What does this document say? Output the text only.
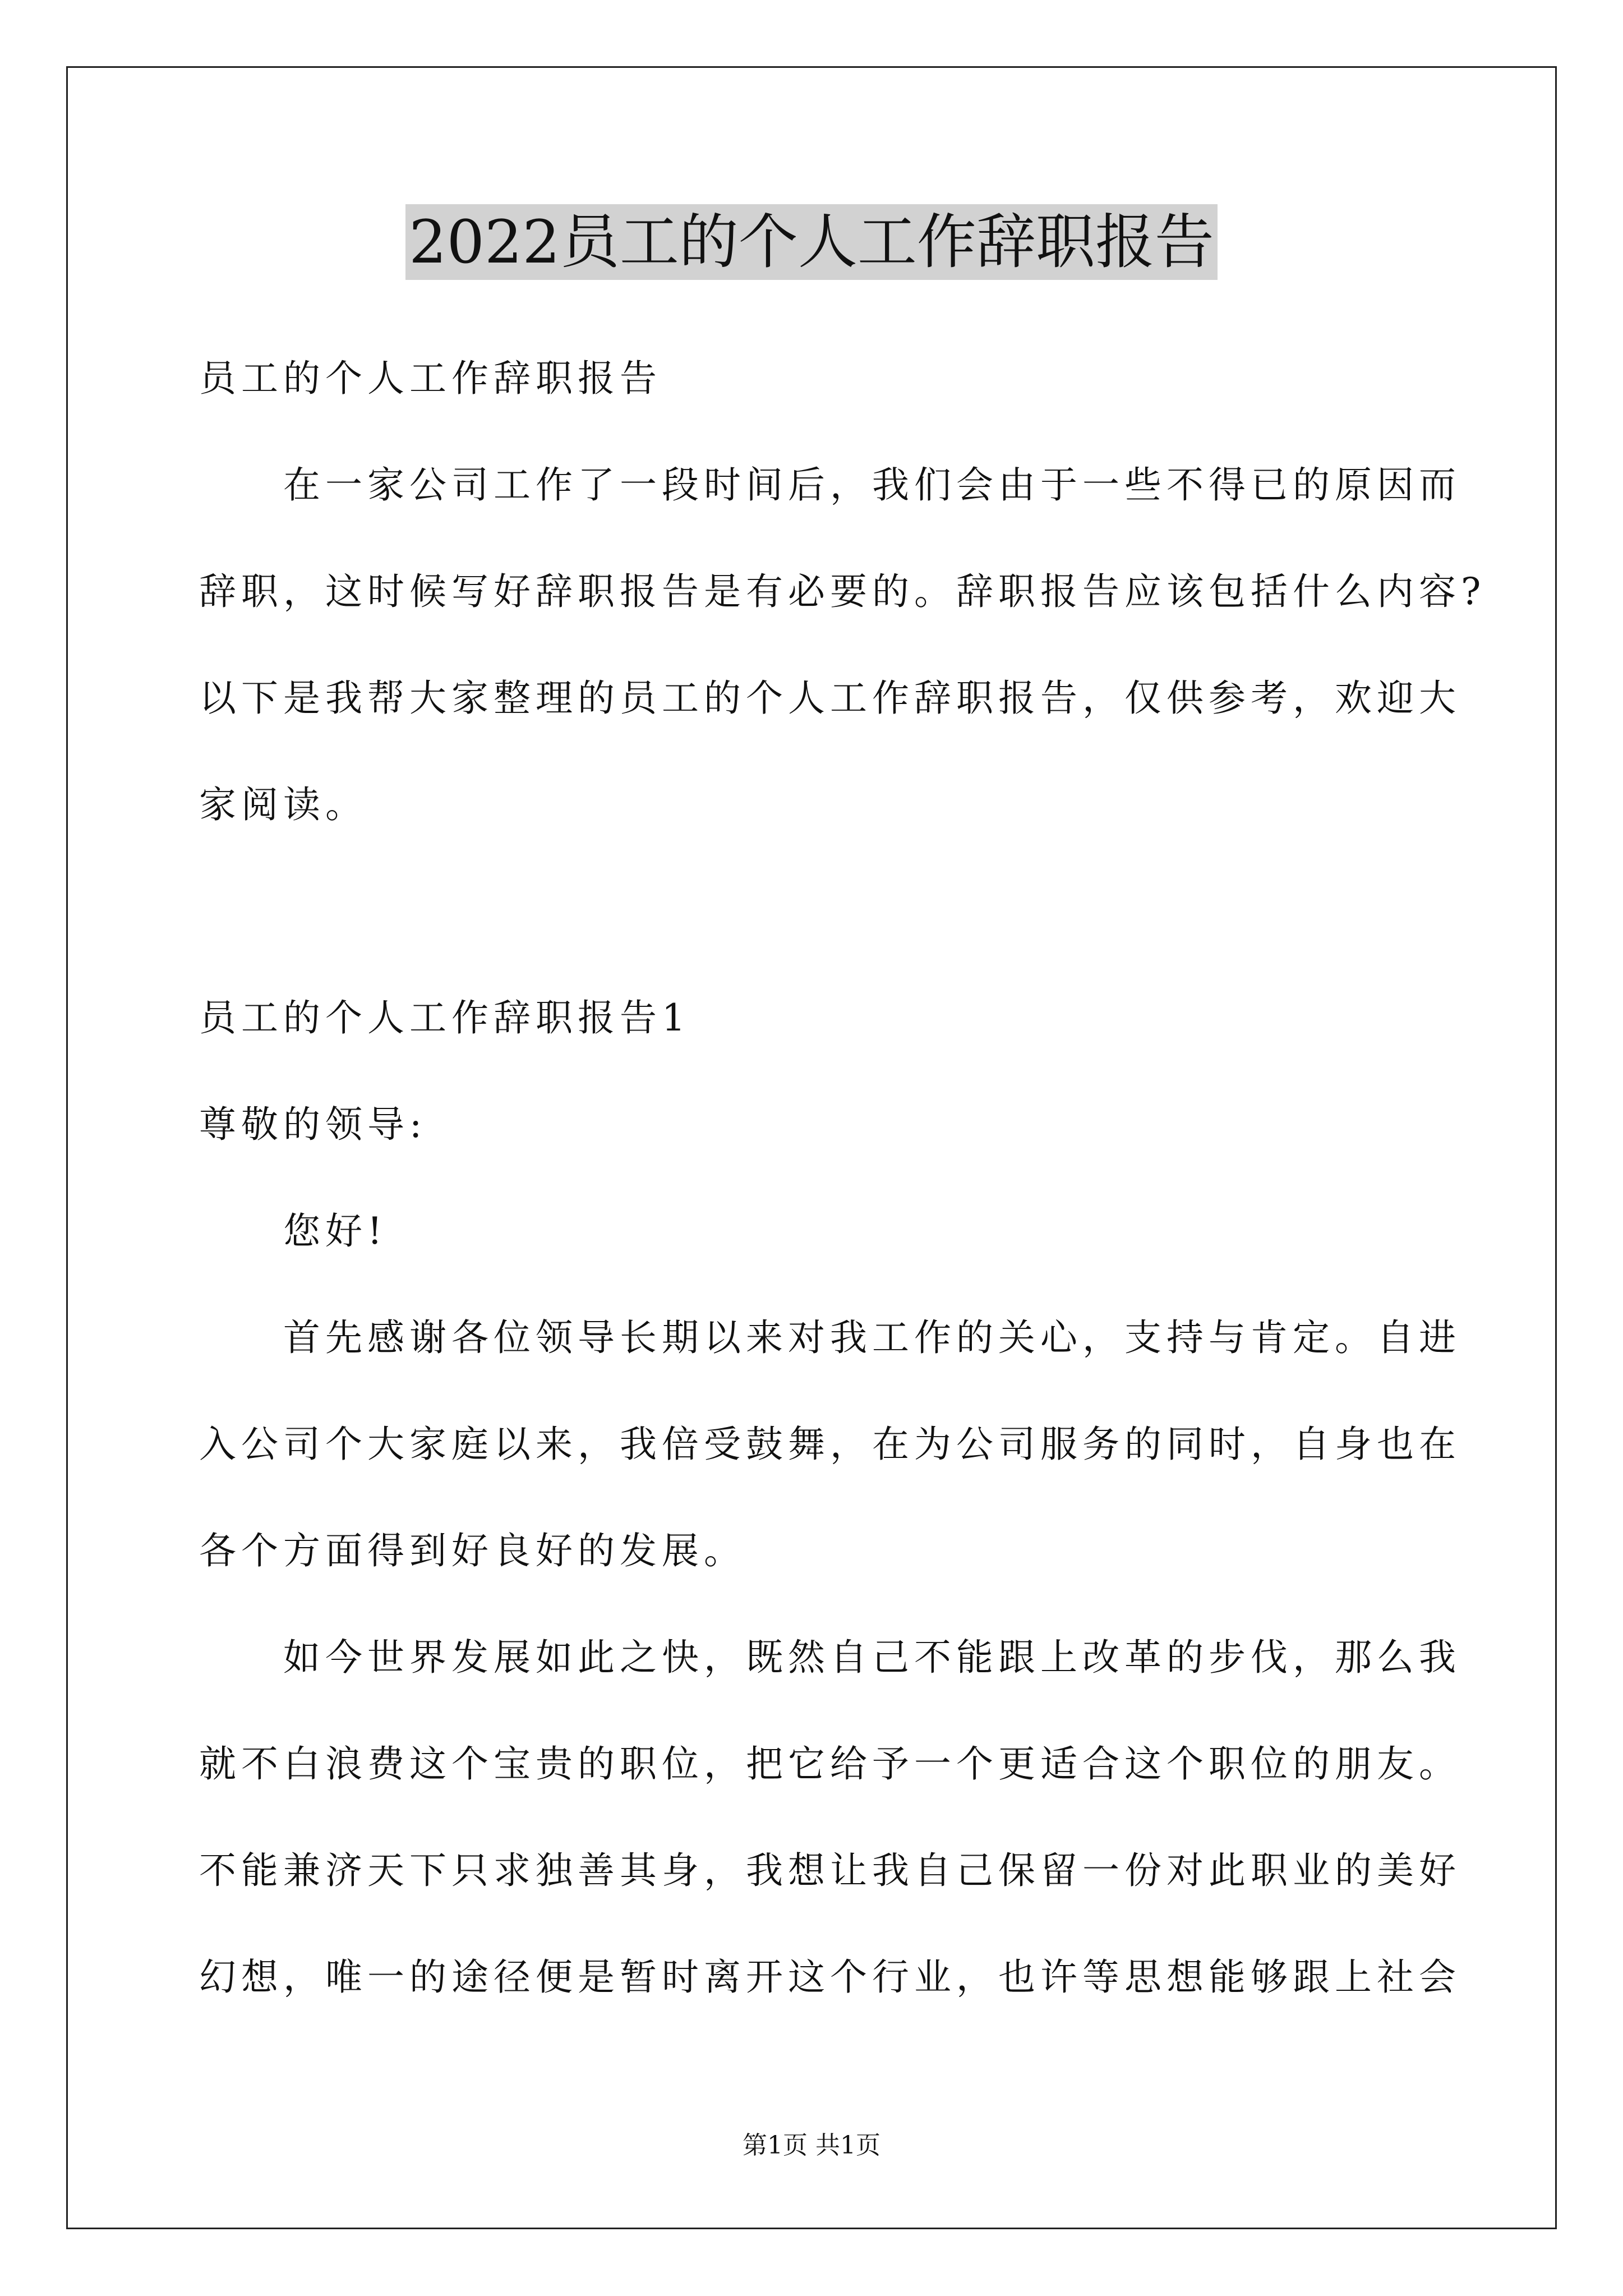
2022员工的个人工作辞职报告
员工的个人工作辞职报告
在一家公司工作了一段时间后，我们会由于一些不得已的原因而
辞职，这时候写好辞职报告是有必要的。辞职报告应该包括什么内容?
以下是我帮大家整理的员工的个人工作辞职报告，仅供参考，欢迎大
家阅读。
员工的个人工作辞职报告1
尊敬的领导:
您好!
首先感谢各位领导长期以来对我工作的关心，支持与肯定。自进
入公司个大家庭以来，我倍受鼓舞，在为公司服务的同时，自身也在
各个方面得到好良好的发展。
如今世界发展如此之快，既然自己不能跟上改革的步伐，那么我
就不白浪费这个宝贵的职位，把它给予一个更适合这个职位的朋友。
不能兼济天下只求独善其身，我想让我自己保留一份对此职业的美好
幻想，唯一的途径便是暂时离开这个行业，也许等思想能够跟上社会
第1页 共1页
